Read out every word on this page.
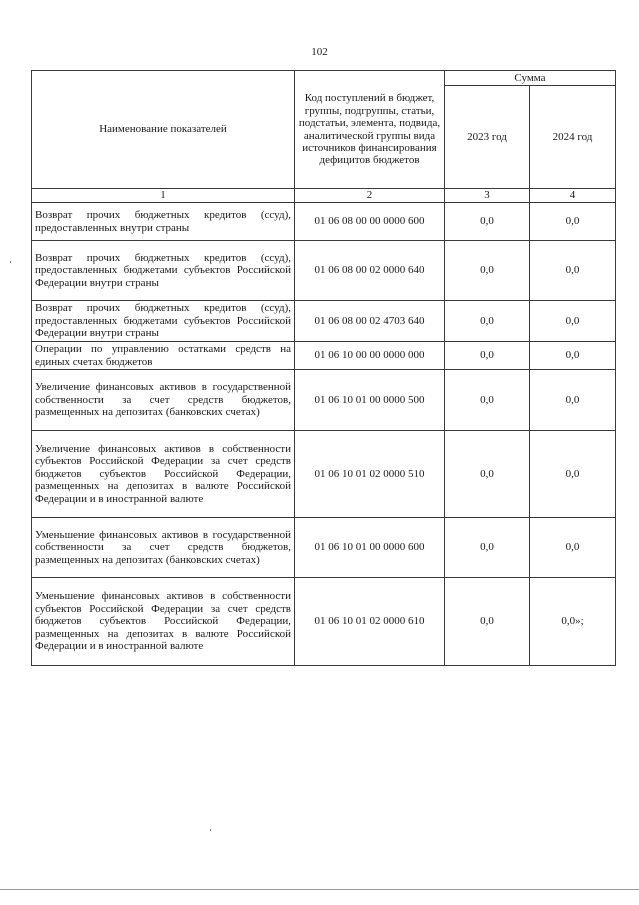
102
Наименование показателей	Код поступлений в бюджет, группы, подгруппы, статьи, подстатьи, элемента, подвида, аналитической группы вида источников финансирования дефицитов бюджетов	Сумма	
		2023 год	2024 год
1	2	3	4
Возврат прочих бюджетных кредитов (ссуд), предоставленных внутри страны	01 06 08 00 00 0000 600	0,0	0,0
Возврат прочих бюджетных кредитов (ссуд), предоставленных бюджетами субъектов Российской Федерации внутри страны	01 06 08 00 02 0000 640	0,0	0,0
Возврат прочих бюджетных кредитов (ссуд), предоставленных бюджетами субъектов Российской Федерации внутри страны	01 06 08 00 02 4703 640	0,0	0,0
Операции по управлению остатками средств на единых счетах бюджетов	01 06 10 00 00 0000 000	0,0	0,0
Увеличение финансовых активов в государственной собственности за счет средств бюджетов, размещенных на депозитах (банковских счетах)	01 06 10 01 00 0000 500	0,0	0,0
Увеличение финансовых активов в собственности субъектов Российской Федерации за счет средств бюджетов субъектов Российской Федерации, размещенных на депозитах в валюте Российской Федерации и в иностранной валюте	01 06 10 01 02 0000 510	0,0	0,0
Уменьшение финансовых активов в государственной собственности за счет средств бюджетов, размещенных на депозитах (банковских счетах)	01 06 10 01 00 0000 600	0,0	0,0
Уменьшение финансовых активов в собственности субъектов Российской Федерации за счет средств бюджетов субъектов Российской Федерации, размещенных на депозитах в валюте Российской Федерации и в иностранной валюте	01 06 10 01 02 0000 610	0,0	0,0»;
